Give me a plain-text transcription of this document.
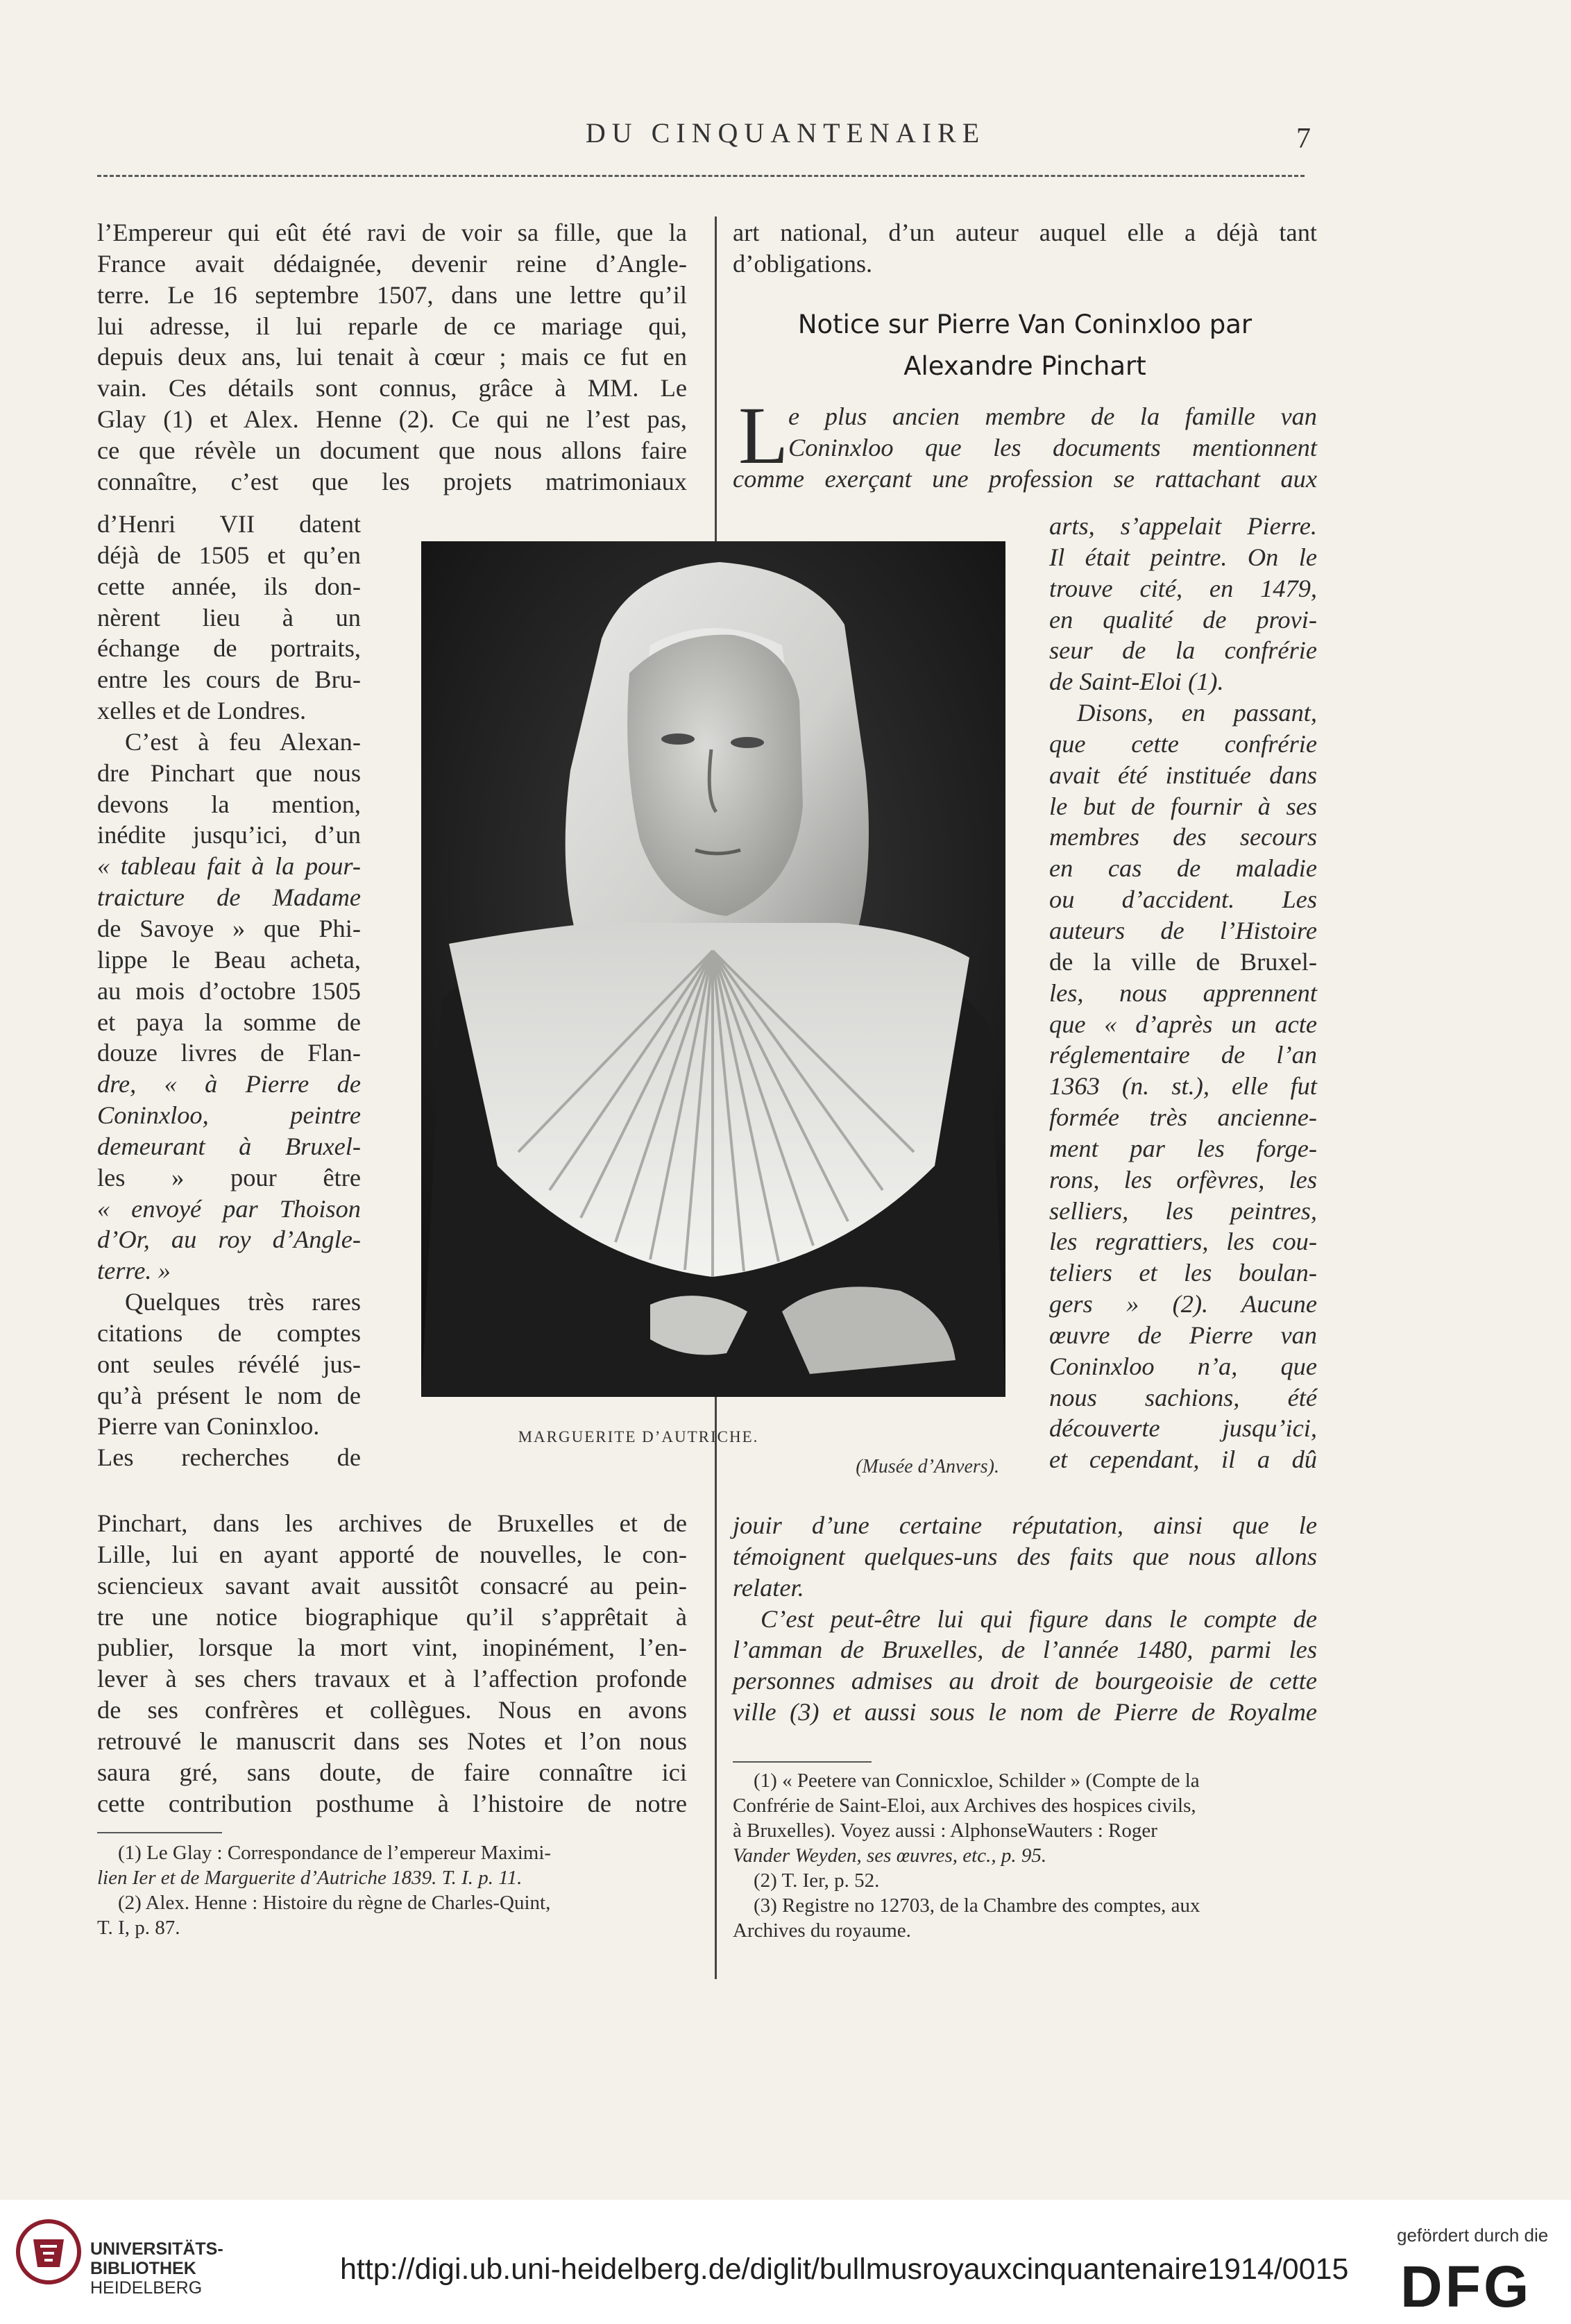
DU CINQUANTENAIRE	7

l’Empereur qui eût été ravi de voir sa fille, que la

France avait dédaignée, devenir reine d’Angle-

terre. Le 16 septembre 1507, dans une lettre qu’il

lui adresse, il lui reparle de ce mariage qui,

depuis deux ans, lui tenait à cœur ; mais ce fut en

vain. Ces détails sont connus, grâce à MM. Le

Glay (1) et Alex. Henne (2). Ce qui ne l’est pas,

ce que révèle un document que nous allons faire

connaître, c’est que les projets matrimoniaux

d’Henri VII datent

déjà de 1505 et qu’en

cette année, ils don-

nèrent lieu à un

échange de portraits,

entre les cours de Bru-

xelles et de Londres.

C’est à feu Alexan-

dre Pinchart que nous

devons la mention,

inédite jusqu’ici, d’un

« tableau fait à la pour-

traicture de Madame

de Savoye » que Phi-

lippe le Beau acheta,

au mois d’octobre 1505

et paya la somme de

douze livres de Flan-

dre, « à Pierre de

Coninxloo, peintre

demeurant à Bruxel-

les » pour être

« envoyé par Thoison

d’Or, au roy d’Angle-

terre. »

Quelques très rares

citations de comptes

ont seules révélé jus-

qu’à présent le nom de

Pierre van Coninxloo.

Les recherches de

Pinchart, dans les archives de Bruxelles et de

Lille, lui en ayant apporté de nouvelles, le con-

sciencieux savant avait aussitôt consacré au pein-

tre une notice biographique qu’il s’apprêtait à

publier, lorsque la mort vint, inopinément, l’en-

lever à ses chers travaux et à l’affection profonde

de ses confrères et collègues. Nous en avons

retrouvé le manuscrit dans ses Notes et l’on nous

saura gré, sans doute, de faire connaître ici

cette contribution posthume à l’histoire de notre

(1) Le Glay : Correspondance de l’empereur Maximi-

lien Ier et de Marguerite d’Autriche 1839. T. I. p. 11.

(2) Alex. Henne : Histoire du règne de Charles-Quint,

T. I, p. 87.

MARGUERITE D’AUTRICHE.
(Musée d’Anvers).

art national, d’un auteur auquel elle a déjà tant

d’obligations.

Notice sur Pierre Van Coninxloo par
Alexandre Pinchart
L e plus ancien membre de la famille van

Coninxloo que les documents mentionnent

comme exerçant une profession se rattachant aux

arts, s’appelait Pierre.

Il était peintre. On le

trouve cité, en 1479,

en qualité de provi-

seur de la confrérie

de Saint-Eloi (1).

Disons, en passant,

que cette confrérie

avait été instituée dans

le but de fournir à ses

membres des secours

en cas de maladie

ou d’accident. Les

auteurs de l’Histoire

de la ville de Bruxel-

les, nous apprennent

que « d’après un acte

réglementaire de l’an

1363 (n. st.), elle fut

formée très ancienne-

ment par les forge-

rons, les orfèvres, les

selliers, les peintres,

les regrattiers, les cou-

teliers et les boulan-

gers » (2). Aucune

œuvre de Pierre van

Coninxloo n’a, que

nous sachions, été

découverte jusqu’ici,

et cependant, il a dû

jouir d’une certaine réputation, ainsi que le

témoignent quelques-uns des faits que nous allons

relater.

C’est peut-être lui qui figure dans le compte de

l’amman de Bruxelles, de l’année 1480, parmi les

personnes admises au droit de bourgeoisie de cette

ville (3) et aussi sous le nom de Pierre de Royalme

(1) « Peetere van Connicxloe, Schilder » (Compte de la

Confrérie de Saint-Eloi, aux Archives des hospices civils,

à Bruxelles). Voyez aussi : AlphonseWauters : Roger

Vander Weyden, ses œuvres, etc., p. 95.

(2) T. Ier, p. 52.

(3) Registre no 12703, de la Chambre des comptes, aux

Archives du royaume.

UNIVERSITÄTS-
BIBLIOTHEK
HEIDELBERG
http://digi.ub.uni-heidelberg.de/diglit/bullmusroyauxcinquantenaire1914/0015
gefördert durch die
DFG
